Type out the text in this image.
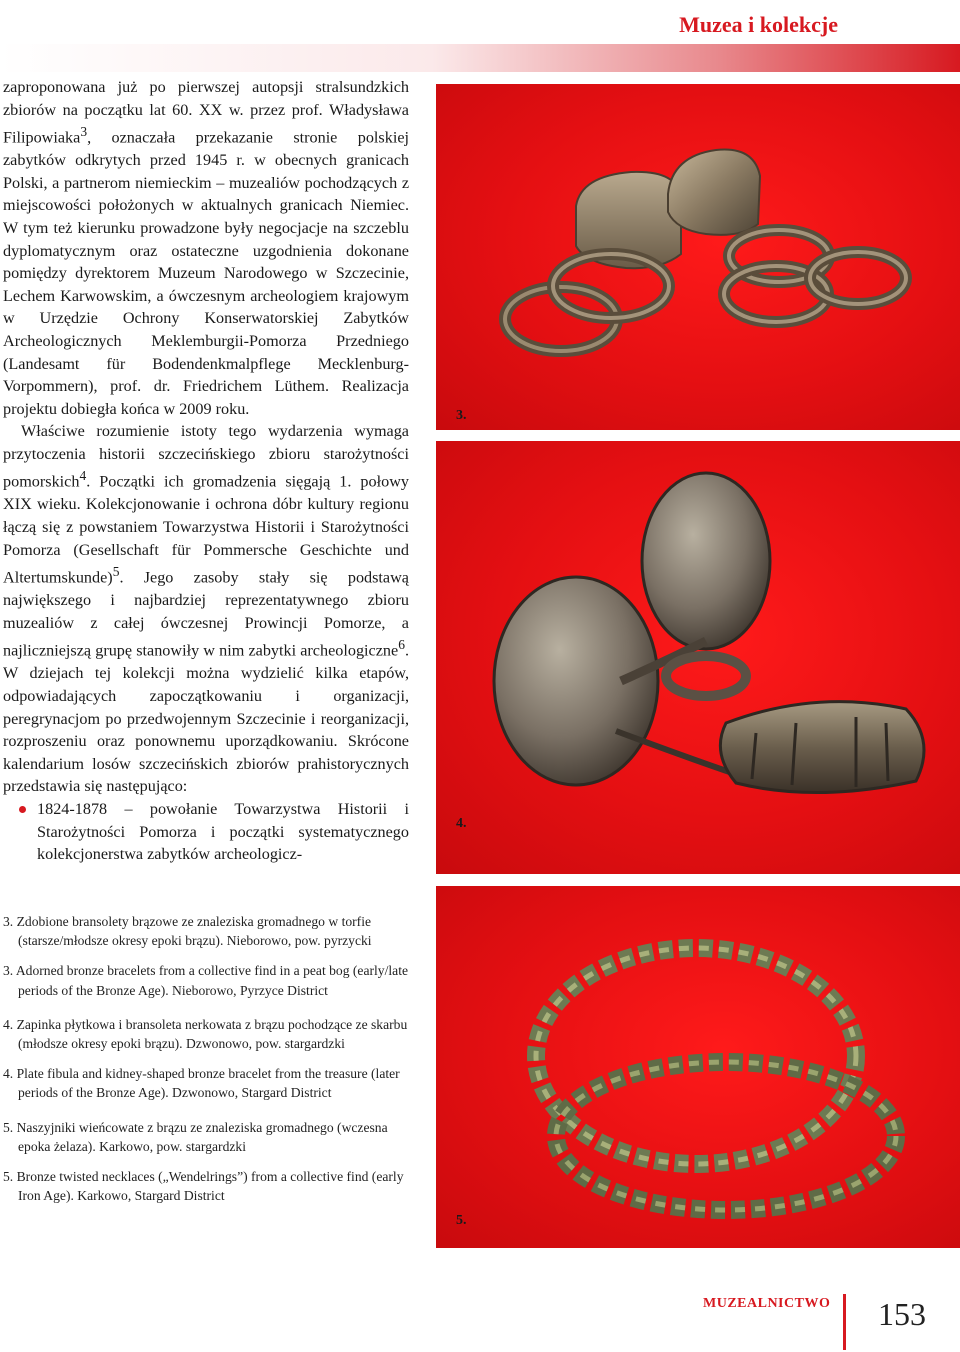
Muzea i kolekcje

zaproponowana już po pierwszej autopsji stralsundzkich zbiorów na początku lat 60. XX w. przez prof. Władysława Filipowiaka$^3$, oznaczała przekazanie stronie polskiej zabytków odkrytych przed 1945 r. w obecnych granicach Polski, a partnerom niemieckim – muzealiów pochodzących z miejscowości położonych w aktualnych granicach Niemiec. W tym też kierunku prowadzone były negocjacje na szczeblu dyplomatycznym oraz ostateczne uzgodnienia dokonane pomiędzy dyrektorem Muzeum Narodowego w Szczecinie, Lechem Karwowskim, a ówczesnym archeologiem krajowym w Urzędzie Ochrony Konserwatorskiej Zabytków Archeologicznych Meklemburgii-Pomorza Przedniego (Landesamt für Bodendenkmalpflege Mecklenburg-Vorpommern), prof. dr. Friedrichem Lüthem. Realizacja projektu dobiegła końca w 2009 roku.

Właściwe rozumienie istoty tego wydarzenia wymaga przytoczenia historii szczecińskiego zbioru starożytności pomorskich$^4$. Początki ich gromadzenia sięgają 1. połowy XIX wieku. Kolekcjonowanie i ochrona dóbr kultury regionu łączą się z powstaniem Towarzystwa Historii i Starożytności Pomorza (Gesellschaft für Pommersche Geschichte und Altertumskunde)$^5$. Jego zasoby stały się podstawą największego i najbardziej reprezentatywnego zbioru muzealiów z całej ówczesnej Prowincji Pomorze, a najliczniejszą grupę stanowiły w nim zabytki archeologiczne$^6$. W dziejach tej kolekcji można wydzielić kilka etapów, odpowiadających zapoczątkowaniu i organizacji, peregrynacjom po przedwojennym Szczecinie i reorganizacji, rozproszeniu oraz ponownemu uporządkowaniu. Skrócone kalendarium losów szczecińskich zbiorów prahistorycznych przedstawia się następująco:

1824-1878 – powołanie Towarzystwa Historii i Starożytności Pomorza i początki systematycznego kolekcjonerstwa zabytków archeologicz-

3. Zdobione bransolety brązowe ze znaleziska gromadnego w torfie (starsze/młodsze okresy epoki brązu). Nieborowo, pow. pyrzycki

3. Adorned bronze bracelets from a collective find in a peat bog (early/late periods of the Bronze Age). Nieborowo, Pyrzyce District

4. Zapinka płytkowa i bransoleta nerkowata z brązu pochodzące ze skarbu (młodsze okresy epoki brązu). Dzwonowo, pow. stargardzki

4. Plate fibula and kidney-shaped bronze bracelet from the treasure (later periods of the Bronze Age). Dzwonowo, Stargard District

5. Naszyjniki wieńcowate z brązu ze znaleziska gromadnego (wczesna epoka żelaza). Karkowo, pow. stargardzki

5. Bronze twisted necklaces („Wendelrings”) from a collective find (early Iron Age). Karkowo, Stargard District

3.
4.
5.
MUZEALNICTWO 153
